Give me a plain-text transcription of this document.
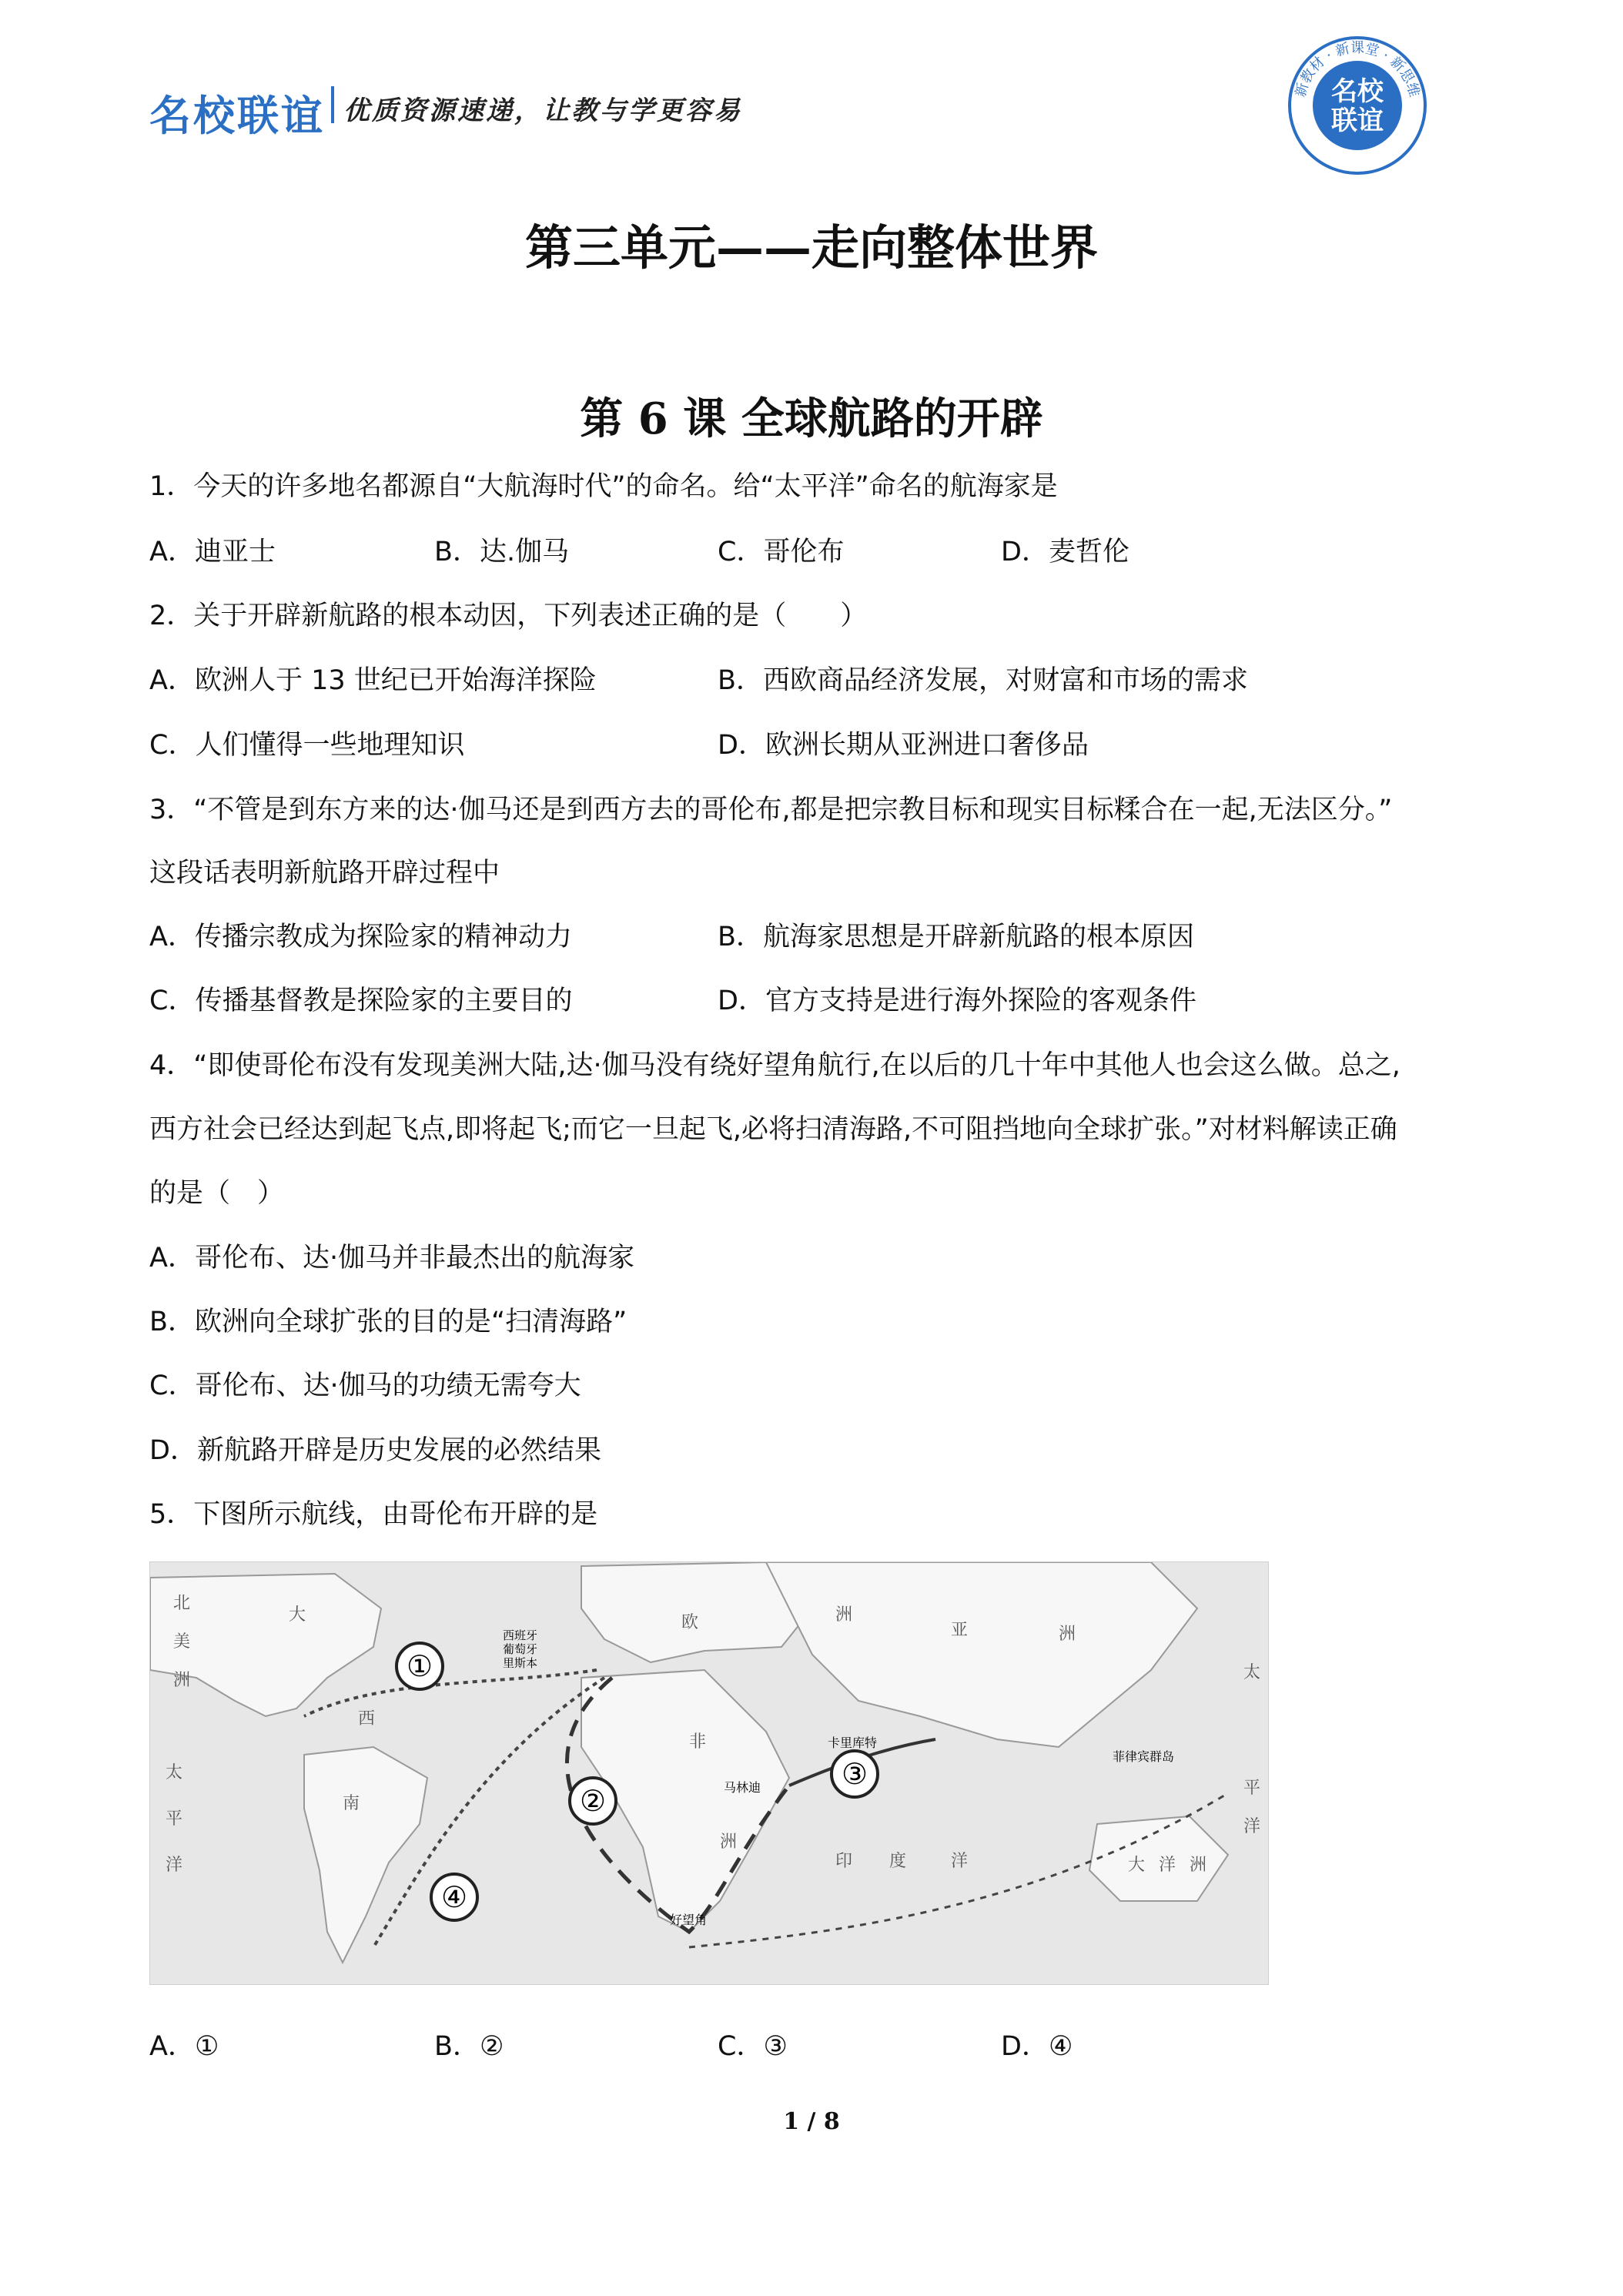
名校联谊 优质资源速递，让教与学更容易
新教材 · 新课堂 · 新思维
名校
联谊
第三单元——走向整体世界
第 6 课 全球航路的开辟
1．今天的许多地名都源自“大航海时代”的命名。给“太平洋”命名的航海家是
A．迪亚士	B．达.伽马	C．哥伦布	D．麦哲伦
2．关于开辟新航路的根本动因，下列表述正确的是（　　）
A．欧洲人于 13 世纪已开始海洋探险	B．西欧商品经济发展，对财富和市场的需求
C．人们懂得一些地理知识	D．欧洲长期从亚洲进口奢侈品
3．“不管是到东方来的达·伽马还是到西方去的哥伦布,都是把宗教目标和现实目标糅合在一起,无法区分。”
这段话表明新航路开辟过程中
A．传播宗教成为探险家的精神动力	B．航海家思想是开辟新航路的根本原因
C．传播基督教是探险家的主要目的	D．官方支持是进行海外探险的客观条件
4．“即使哥伦布没有发现美洲大陆,达·伽马没有绕好望角航行,在以后的几十年中其他人也会这么做。总之,
西方社会已经达到起飞点,即将起飞;而它一旦起飞,必将扫清海路,不可阻挡地向全球扩张。”对材料解读正确
的是（　）
A．哥伦布、达·伽马并非最杰出的航海家
B．欧洲向全球扩张的目的是“扫清海路”
C．哥伦布、达·伽马的功绩无需夸大
D．新航路开辟是历史发展的必然结果
5．下图所示航线，由哥伦布开辟的是
①
②
③
④
西班牙
葡萄牙
里斯本
卡里库特
马林迪
好望角
菲律宾群岛
北
美
洲
太
平
洋
大
西
南
欧	洲
非
洲
印 度	洋
亚	洲
太
平
洋
大 洋 洲
A．①	B．②	C．③	D．④
1 / 8
